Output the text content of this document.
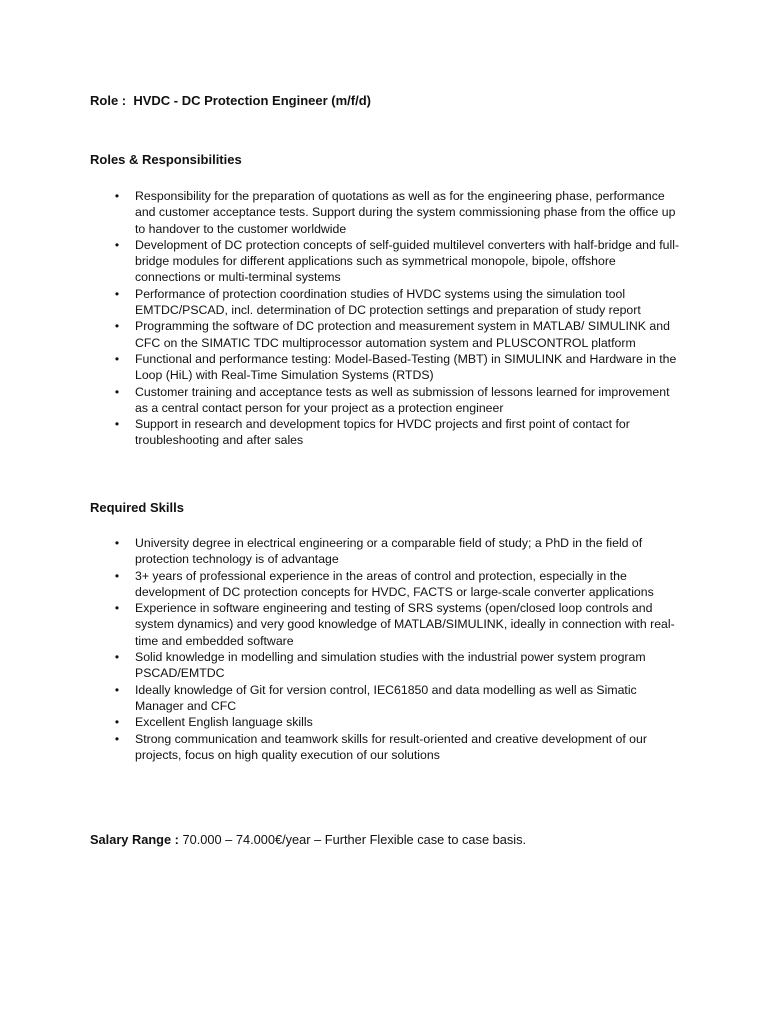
Role : HVDC - DC Protection Engineer (m/f/d)
Roles & Responsibilities
• Responsibility for the preparation of quotations as well as for the engineering phase, performance and customer acceptance tests. Support during the system commissioning phase from the office up to handover to the customer worldwide
• Development of DC protection concepts of self-guided multilevel converters with half-bridge and full-bridge modules for different applications such as symmetrical monopole, bipole, offshore connections or multi-terminal systems
• Performance of protection coordination studies of HVDC systems using the simulation tool EMTDC/PSCAD, incl. determination of DC protection settings and preparation of study report
• Programming the software of DC protection and measurement system in MATLAB/ SIMULINK and CFC on the SIMATIC TDC multiprocessor automation system and PLUSCONTROL platform
• Functional and performance testing: Model-Based-Testing (MBT) in SIMULINK and Hardware in the Loop (HiL) with Real-Time Simulation Systems (RTDS)
• Customer training and acceptance tests as well as submission of lessons learned for improvement as a central contact person for your project as a protection engineer
• Support in research and development topics for HVDC projects and first point of contact for troubleshooting and after sales
Required Skills
• University degree in electrical engineering or a comparable field of study; a PhD in the field of protection technology is of advantage
• 3+ years of professional experience in the areas of control and protection, especially in the development of DC protection concepts for HVDC, FACTS or large-scale converter applications
• Experience in software engineering and testing of SRS systems (open/closed loop controls and system dynamics) and very good knowledge of MATLAB/SIMULINK, ideally in connection with real-time and embedded software
• Solid knowledge in modelling and simulation studies with the industrial power system program PSCAD/EMTDC
• Ideally knowledge of Git for version control, IEC61850 and data modelling as well as Simatic Manager and CFC
• Excellent English language skills
• Strong communication and teamwork skills for result-oriented and creative development of our projects, focus on high quality execution of our solutions
Salary Range : 70.000 – 74.000€/year – Further Flexible case to case basis.
